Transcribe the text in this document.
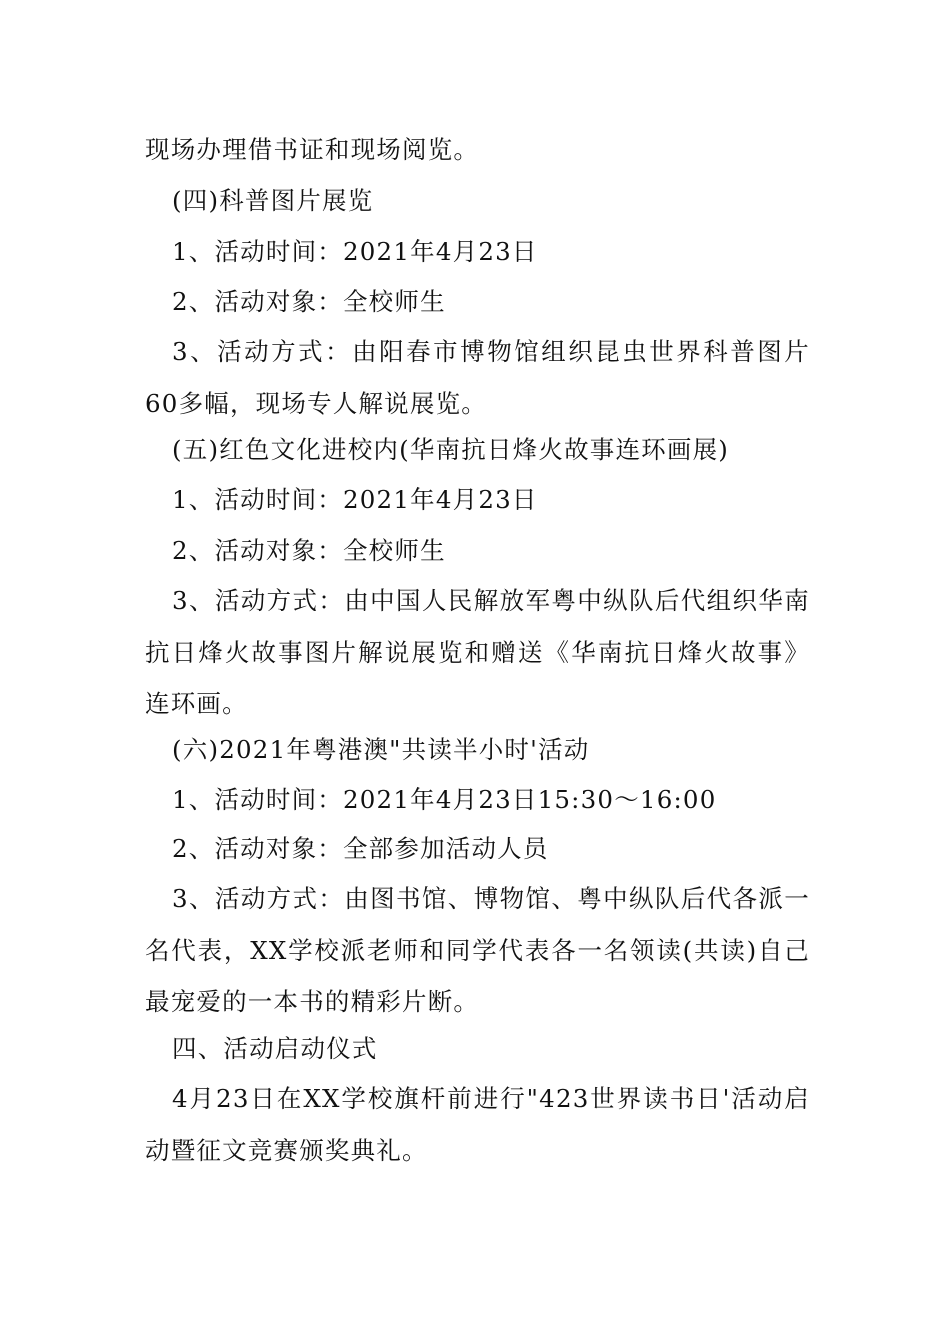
现场办理借书证和现场阅览。
(四)科普图片展览
1、活动时间：2021年4月23日
2、活动对象：全校师生
3、活动方式：由阳春市博物馆组织昆虫世界科普图片60多幅，现场专人解说展览。
(五)红色文化进校内(华南抗日烽火故事连环画展)
1、活动时间：2021年4月23日
2、活动对象：全校师生
3、活动方式：由中国人民解放军粤中纵队后代组织华南抗日烽火故事图片解说展览和赠送《华南抗日烽火故事》连环画。
(六)2021年粤港澳"共读半小时'活动
1、活动时间：2021年4月23日15:30～16:00
2、活动对象：全部参加活动人员
3、活动方式：由图书馆、博物馆、粤中纵队后代各派一名代表，XX学校派老师和同学代表各一名领读(共读)自己最宠爱的一本书的精彩片断。
四、活动启动仪式
4月23日在XX学校旗杆前进行"423世界读书日'活动启动暨征文竞赛颁奖典礼。
